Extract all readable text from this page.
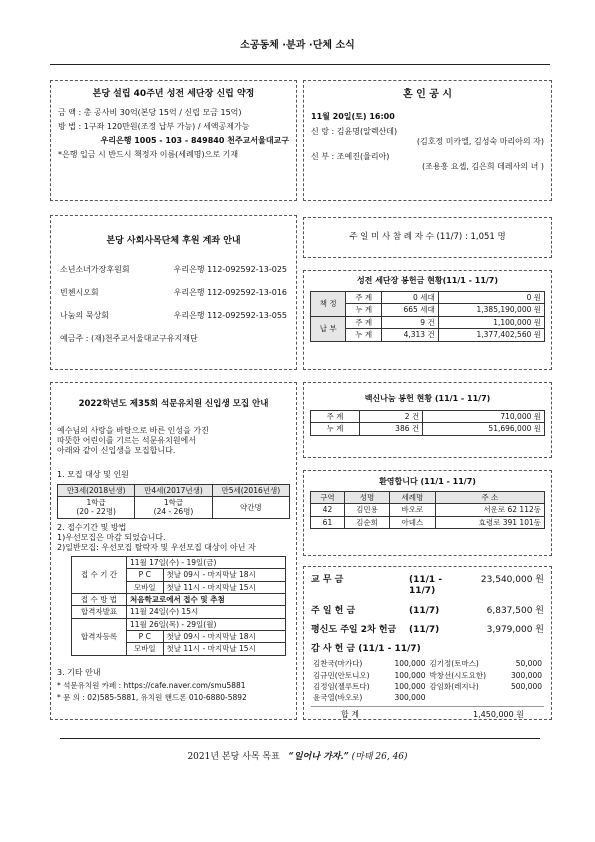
소공동체 ·분과 ·단체 소식
본당 설립 40주년 성전 세단장 신립 약정
금 액 : 총 공사비 30억(본당 15억 / 신립 모금 15억)
방 법 : 1구좌 120만원(조정 납부 가능) / 세액공제가능
우리은행 1005 - 103 - 849840 천주교서울대교구
*은행 입금 시 반드시 책정자 이름(세례명)으로 기재
혼 인 공 시
11월 20일(토) 16:00
신 랑 : 김윤명(알렉산데)
(김호정 미카엘, 김성숙 마리아의 자)
신 부 : 조예진(율리아)
(조용흥 요셉, 김은희 데레사의 녀 )
본당 사회사목단체 후원 계좌 안내
소년소녀가장후원회	우리은행 112-092592-13-025
빈첸시오회	우리은행 112-092592-13-016
나눔의 묵상회	우리은행 112-092592-13-055
예금주 : (재)천주교서울대교구유지재단
주 일 미 사 참 례 자 수 (11/7) : 1,051 명
성전 세단장 봉헌금 현황(11/1 - 11/7)
책 정	주 계	0 세대	0 원
	누 계	665 세대	1,385,190,000 원
납 부	주 계	9 건	1,100,000 원
	누 계	4,313 건	1,377,402,560 원
2022학년도 제35회 석문유치원 신입생 모집 안내
예수님의 사랑을 바탕으로 바른 인성을 가진
따뜻한 어린이를 기르는 석문유치원에서
아래와 같이 신입생을 모집합니다.
1. 모집 대상 및 인원
만3세(2018년생)	만4세(2017년생)	만5세(2016년생)
1학급
(20 - 22명)	1학급
(24 - 26명)	약간명
2. 접수기간 및 방법
1)우선모집은 마감 되었습니다.
2)일반모집: 우선모집 탈락자 및 우선모집 대상이 아닌 자
접 수 기 간	11월 17일(수) - 19일(금)	
	P C	첫날 09시 - 마지막날 18시
	모바일	첫날 11시 - 마지막날 15시
접 수 방 법	처음학교로에서 접수 및 추첨	
합격자발표	11월 24일(수) 15시	
합격자등록	11월 26일(목) - 29일(월)	
	P C	첫날 09시 - 마지막날 18시
	모바일	첫날 11시 - 마지막날 15시
3. 기타 안내
* 석문유치원 카페 : https://cafe.naver.com/smu5881
* 문 의 : 02)585-5881, 유치원 핸드폰 010-6880-5892
백신나눔 봉헌 현황 (11/1 - 11/7)
주 계	2 건	710,000 원
누 계	386 건	51,696,000 원
환영합니다 (11/1 - 11/7)
구역	성명	세례명	주 소
42	김민용	바오로	서운로 62 112동
61	김순희	아녜스	효령로 391 101동
교 무 금	(11/1 - 11/7)
23,540,000 원
주 일 헌 금	(11/7)	6,837,500 원
평신도 주일 2차 헌금	(11/7)	3,979,000 원
감 사 헌 금 (11/1 - 11/7)
김찬국(마가다)	100,000	김기정(토마스)	50,000
김규민(안토니오)	100,000	박창선(시도요한)	300,000
김정임(젤루트다)	100,000	감임화(레지나)	500,000
윤국열(바오로)	300,000		
합 계	1,450,000 원
2021년 본당 사목 목표 “일어나 가자.” (마태 26, 46)
